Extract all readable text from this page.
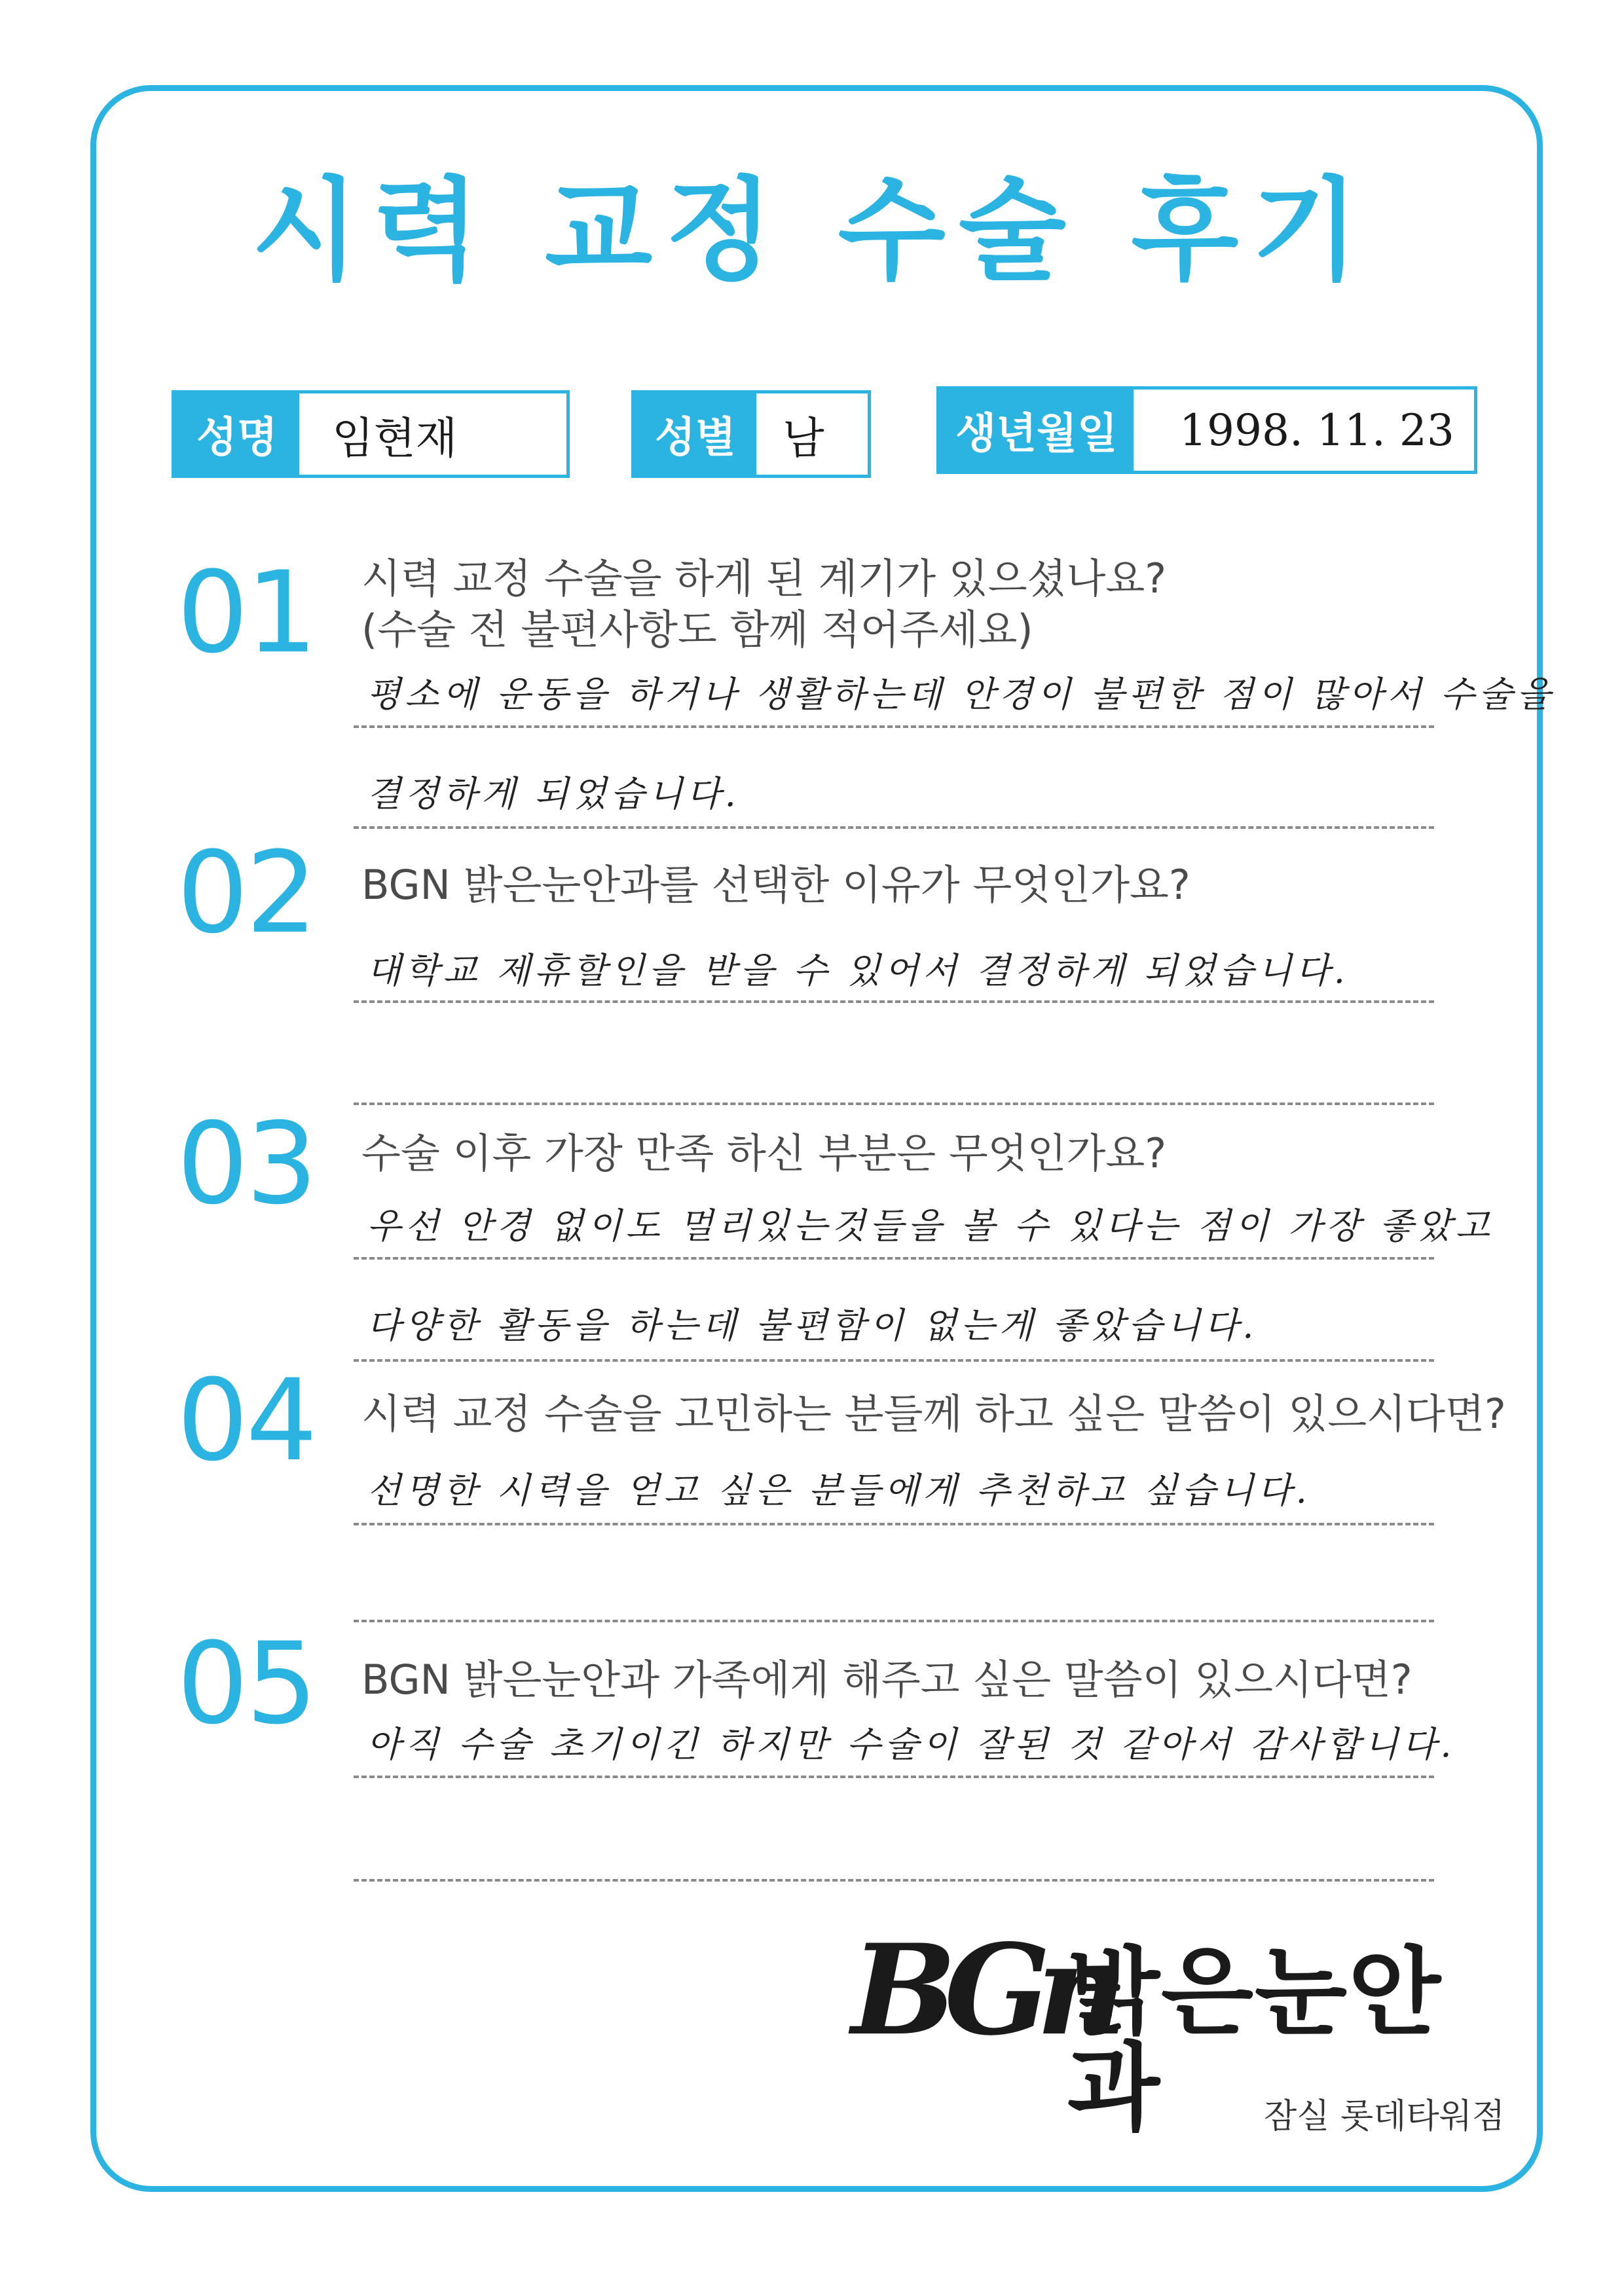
시력 교정 수술 후기
성명	임현재	성별	남	생년월일	1998. 11. 23
01 시력 교정 수술을 하게 된 계기가 있으셨나요?
(수술 전 불편사항도 함께 적어주세요)
평소에 운동을 하거나 생활하는데 안경이 불편한 점이 많아서 수술을
결정하게 되었습니다.
02 BGN 밝은눈안과를 선택한 이유가 무엇인가요?
대학교 제휴할인을 받을 수 있어서 결정하게 되었습니다.
03 수술 이후 가장 만족 하신 부분은 무엇인가요?
우선 안경 없이도 멀리있는것들을 볼 수 있다는 점이 가장 좋았고
다양한 활동을 하는데 불편함이 없는게 좋았습니다.
04 시력 교정 수술을 고민하는 분들께 하고 싶은 말씀이 있으시다면?
선명한 시력을 얻고 싶은 분들에게 추천하고 싶습니다.
05 BGN 밝은눈안과 가족에게 해주고 싶은 말씀이 있으시다면?
아직 수술 초기이긴 하지만 수술이 잘된 것 같아서 감사합니다.
BGn
밝은눈안과	잠실 롯데타워점
